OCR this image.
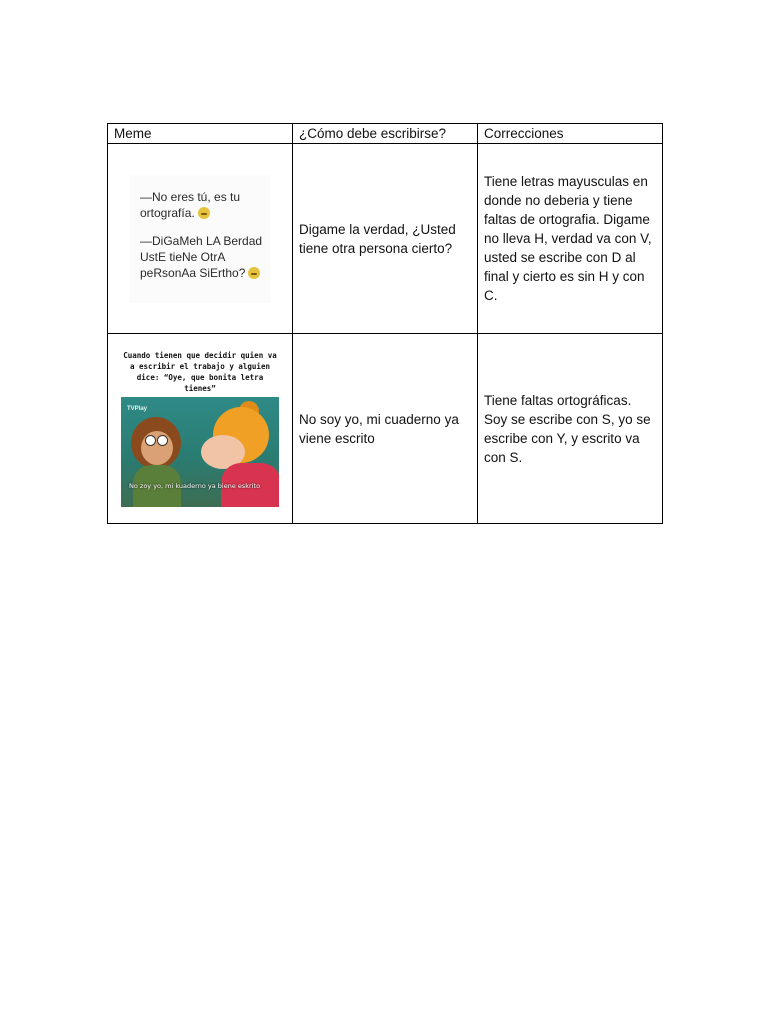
Meme	¿Cómo debe escribirse?	Correcciones

—No eres tú, es tu ortografía.
—DiGaMeh LA Berdad UstE tieNe OtrA peRsonAa SiErtho?	Digame la verdad, ¿Usted tiene otra persona cierto?	Tiene letras mayusculas en donde no deberia y tiene faltas de ortografia. Digame no lleva H, verdad va con V, usted se escribe con D al final y cierto es sin H y con C.

Cuando tienen que decidir quien va a escribir el trabajo y alguien dice: “Oye, que bonita letra tienes”
TVPlay
No zoy yo, mi kuaderno ya biene eskrito	No soy yo, mi cuaderno ya viene escrito	Tiene faltas ortográficas. Soy se escribe con S, yo se escribe con Y, y escrito va con S.
